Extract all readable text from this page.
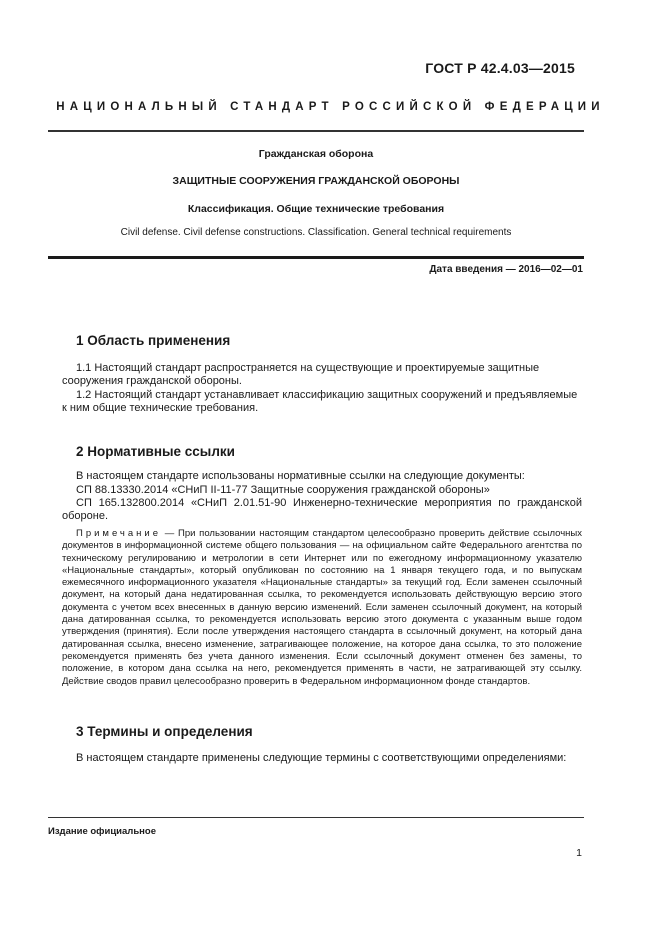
ГОСТ Р 42.4.03—2015
НАЦИОНАЛЬНЫЙ СТАНДАРТ РОССИЙСКОЙ ФЕДЕРАЦИИ
Гражданская оборона
ЗАЩИТНЫЕ СООРУЖЕНИЯ ГРАЖДАНСКОЙ ОБОРОНЫ
Классификация. Общие технические требования
Civil defense. Civil defense constructions. Classification. General technical requirements
Дата введения — 2016—02—01
1 Область применения
1.1 Настоящий стандарт распространяется на существующие и проектируемые защитные сооружения гражданской обороны.
1.2 Настоящий стандарт устанавливает классификацию защитных сооружений и предъявляемые к ним общие технические требования.
2 Нормативные ссылки
В настоящем стандарте использованы нормативные ссылки на следующие документы:
СП 88.13330.2014 «СНиП II-11-77 Защитные сооружения гражданской обороны»
СП 165.132800.2014 «СНиП 2.01.51-90 Инженерно-технические мероприятия по гражданской обороне.
Примечание — При пользовании настоящим стандартом целесообразно проверить действие ссылочных документов в информационной системе общего пользования — на официальном сайте Федерального агентства по техническому регулированию и метрологии в сети Интернет или по ежегодному информационному указателю «Национальные стандарты», который опубликован по состоянию на 1 января текущего года, и по выпускам ежемесячного информационного указателя «Национальные стандарты» за текущий год. Если заменен ссылочный документ, на который дана недатированная ссылка, то рекомендуется использовать действующую версию этого документа с учетом всех внесенных в данную версию изменений. Если заменен ссылочный документ, на который дана датированная ссылка, то рекомендуется использовать версию этого документа с указанным выше годом утверждения (принятия). Если после утверждения настоящего стандарта в ссылочный документ, на который дана датированная ссылка, внесено изменение, затрагивающее положение, на которое дана ссылка, то это положение рекомендуется применять без учета данного изменения. Если ссылочный документ отменен без замены, то положение, в котором дана ссылка на него, рекомендуется применять в части, не затрагивающей эту ссылку. Действие сводов правил целесообразно проверить в Федеральном информационном фонде стандартов.
3 Термины и определения
В настоящем стандарте применены следующие термины с соответствующими определениями:
Издание официальное
1
